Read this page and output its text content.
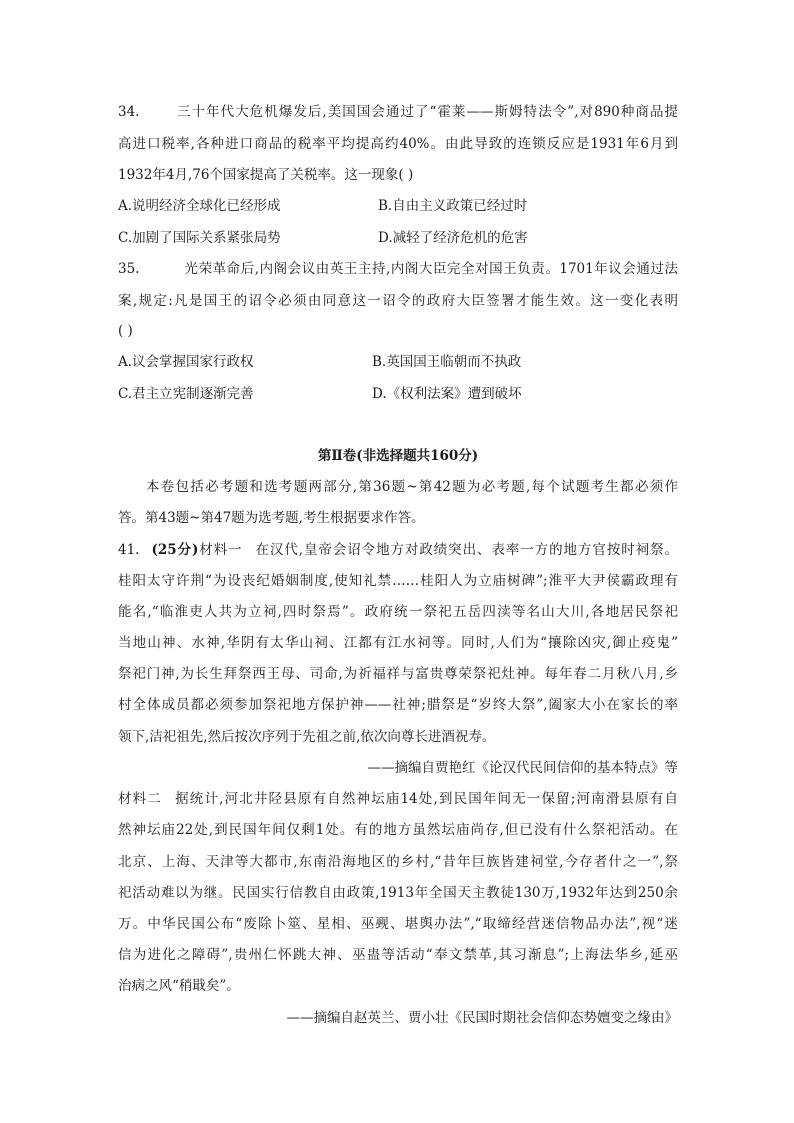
34.	三十年代大危机爆发后,美国国会通过了“霍莱——斯姆特法令”,对890种商品提
高进口税率,各种进口商品的税率平均提高约40%。由此导致的连锁反应是1931年6月到
1932年4月,76个国家提高了关税率。这一现象( )
A.说明经济全球化已经形成	B.自由主义政策已经过时
C.加剧了国际关系紧张局势	D.减轻了经济危机的危害
35.	光荣革命后,内阁会议由英王主持,内阁大臣完全对国王负责。1701年议会通过法
案,规定:凡是国王的诏令必须由同意这一诏令的政府大臣签署才能生效。这一变化表明
( )
A.议会掌握国家行政权	B.英国国王临朝而不执政
C.君主立宪制逐渐完善	D.《权利法案》遭到破坏
第Ⅱ卷(非选择题共160分)
本卷包括必考题和选考题两部分,第36题~第42题为必考题,每个试题考生都必须作
答。第43题~第47题为选考题,考生根据要求作答。
41. (25分)材料一 在汉代,皇帝会诏令地方对政绩突出、表率一方的地方官按时祠祭。
桂阳太守许荆“为设丧纪婚姻制度,使知礼禁……桂阳人为立庙树碑”;淮平大尹侯霸政理有
能名,“临淮吏人共为立祠,四时祭焉”。政府统一祭祀五岳四渎等名山大川,各地居民祭祀
当地山神、水神,华阴有太华山祠、江都有江水祠等。同时,人们为“攘除凶灾,御止疫鬼”
祭祀门神,为长生拜祭西王母、司命,为祈福祥与富贵尊荣祭祀灶神。每年春二月秋八月,乡
村全体成员都必须参加祭祀地方保护神——社神;腊祭是“岁终大祭”,阖家大小在家长的率
领下,洁祀祖先,然后按次序列于先祖之前,依次向尊长进酒祝寿。
——摘编自贾艳红《论汉代民间信仰的基本特点》等
材料二 据统计,河北井陉县原有自然神坛庙14处,到民国年间无一保留;河南滑县原有自
然神坛庙22处,到民国年间仅剩1处。有的地方虽然坛庙尚存,但已没有什么祭祀活动。在
北京、上海、天津等大都市,东南沿海地区的乡村,“昔年巨族皆建祠堂,今存者什之一”,祭
祀活动难以为继。民国实行信教自由政策,1913年全国天主教徒130万,1932年达到250余
万。中华民国公布“废除卜筮、星相、巫觋、堪舆办法”,“取缔经营迷信物品办法”,视“迷
信为进化之障碍”,贵州仁怀跳大神、巫蛊等活动“奉文禁革,其习渐息”;上海法华乡,延巫
治病之风“稍戢矣”。
——摘编自赵英兰、贾小壮《民国时期社会信仰态势嬗变之缘由》
